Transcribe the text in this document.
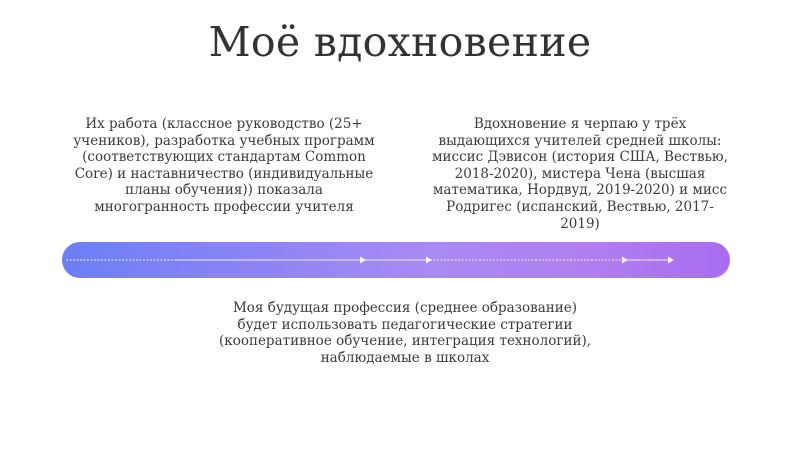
Моё вдохновение
Их работа (классное руководство (25+ учеников), разработка учебных программ (соответствующих стандартам Common Core) и наставничество (индивидуальные планы обучения)) показала многогранность профессии учителя
Вдохновение я черпаю у трёх выдающихся учителей средней школы: миссис Дэвисон (история США, Вествью, 2018-2020), мистера Чена (высшая математика, Нордвуд, 2019-2020) и мисс Родригес (испанский, Вествью, 2017-2019)
Моя будущая профессия (среднее образование) будет использовать педагогические стратегии (кооперативное обучение, интеграция технологий), наблюдаемые в школах
